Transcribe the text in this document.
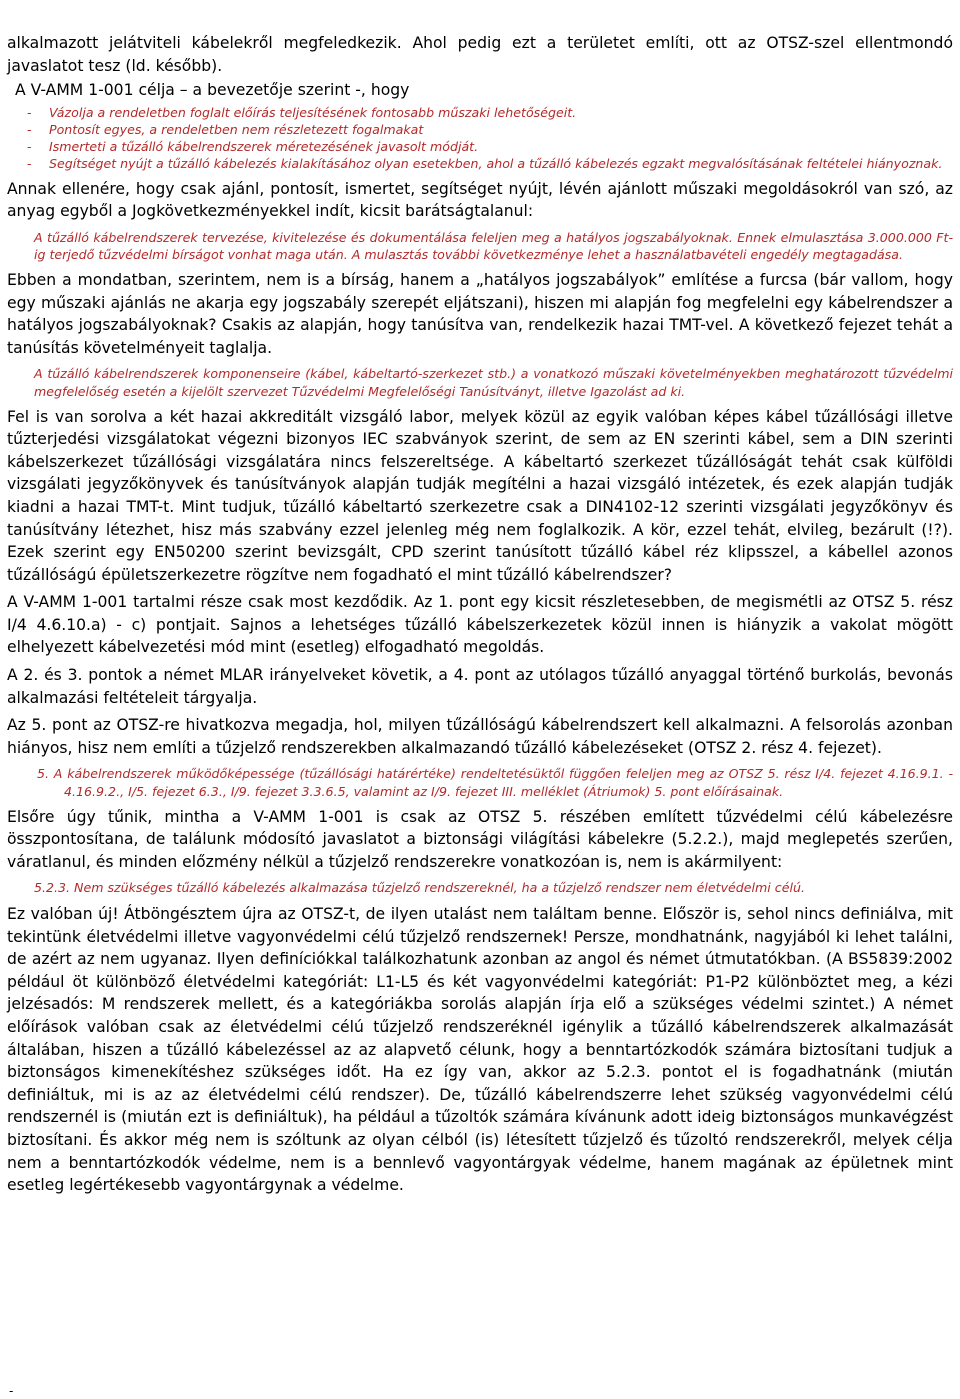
alkalmazott jelátviteli kábelekről megfeledkezik. Ahol pedig ezt a területet említi, ott az OTSZ-szel ellentmondó javaslatot tesz (ld. később).

A V-AMM 1-001 célja – a bevezetője szerint -, hogy

- Vázolja a rendeletben foglalt előírás teljesítésének fontosabb műszaki lehetőségeit.
- Pontosít egyes, a rendeletben nem részletezett fogalmakat
- Ismerteti a tűzálló kábelrendszerek méretezésének javasolt módját.
- Segítséget nyújt a tűzálló kábelezés kialakításához olyan esetekben, ahol a tűzálló kábelezés egzakt megvalósításának feltételei hiányoznak.

Annak ellenére, hogy csak ajánl, pontosít, ismertet, segítséget nyújt, lévén ajánlott műszaki megoldásokról van szó, az anyag egyből a Jogkövetkezményekkel indít, kicsit barátságtalanul:

A tűzálló kábelrendszerek tervezése, kivitelezése és dokumentálása feleljen meg a hatályos jogszabályoknak. Ennek elmulasztása 3.000.000 Ft-ig terjedő tűzvédelmi bírságot vonhat maga után. A mulasztás további következménye lehet a használatbavételi engedély megtagadása.

Ebben a mondatban, szerintem, nem is a bírság, hanem a „hatályos jogszabályok” említése a furcsa (bár vallom, hogy egy műszaki ajánlás ne akarja egy jogszabály szerepét eljátszani), hiszen mi alapján fog megfelelni egy kábelrendszer a hatályos jogszabályoknak? Csakis az alapján, hogy tanúsítva van, rendelkezik hazai TMT-vel. A következő fejezet tehát a tanúsítás követelményeit taglalja.

A tűzálló kábelrendszerek komponenseire (kábel, kábeltartó-szerkezet stb.) a vonatkozó műszaki követelményekben meghatározott tűzvédelmi megfelelőség esetén a kijelölt szervezet Tűzvédelmi Megfelelőségi Tanúsítványt, illetve Igazolást ad ki.

Fel is van sorolva a két hazai akkreditált vizsgáló labor, melyek közül az egyik valóban képes kábel tűzállósági illetve tűzterjedési vizsgálatokat végezni bizonyos IEC szabványok szerint, de sem az EN szerinti kábel, sem a DIN szerinti kábelszerkezet tűzállósági vizsgálatára nincs felszereltsége. A kábeltartó szerkezet tűzállóságát tehát csak külföldi vizsgálati jegyzőkönyvek és tanúsítványok alapján tudják megítélni a hazai vizsgáló intézetek, és ezek alapján tudják kiadni a hazai TMT-t. Mint tudjuk, tűzálló kábeltartó szerkezetre csak a DIN4102-12 szerinti vizsgálati jegyzőkönyv és tanúsítvány létezhet, hisz más szabvány ezzel jelenleg még nem foglalkozik. A kör, ezzel tehát, elvileg, bezárult (!?). Ezek szerint egy EN50200 szerint bevizsgált, CPD szerint tanúsított tűzálló kábel réz klipsszel, a kábellel azonos tűzállóságú épületszerkezetre rögzítve nem fogadható el mint tűzálló kábelrendszer?

A V-AMM 1-001 tartalmi része csak most kezdődik. Az 1. pont egy kicsit részletesebben, de megismétli az OTSZ 5. rész I/4 4.6.10.a) - c) pontjait. Sajnos a lehetséges tűzálló kábelszerkezetek közül innen is hiányzik a vakolat mögött elhelyezett kábelvezetési mód mint (esetleg) elfogadható megoldás.

A 2. és 3. pontok a német MLAR irányelveket követik, a 4. pont az utólagos tűzálló anyaggal történő burkolás, bevonás alkalmazási feltételeit tárgyalja.

Az 5. pont az OTSZ-re hivatkozva megadja, hol, milyen tűzállóságú kábelrendszert kell alkalmazni. A felsorolás azonban hiányos, hisz nem említi a tűzjelző rendszerekben alkalmazandó tűzálló kábelezéseket (OTSZ 2. rész 4. fejezet).

5. A kábelrendszerek működőképessége (tűzállósági határértéke) rendeltetésüktől függően feleljen meg az OTSZ 5. rész I/4. fejezet 4.16.9.1. - 4.16.9.2., I/5. fejezet 6.3., I/9. fejezet 3.3.6.5, valamint az I/9. fejezet III. melléklet (Átriumok) 5. pont előírásainak.

Elsőre úgy tűnik, mintha a V-AMM 1-001 is csak az OTSZ 5. részében említett tűzvédelmi célú kábelezésre összpontosítana, de találunk módosító javaslatot a biztonsági világítási kábelekre (5.2.2.), majd meglepetés szerűen, váratlanul, és minden előzmény nélkül a tűzjelző rendszerekre vonatkozóan is, nem is akármilyent:

5.2.3. Nem szükséges tűzálló kábelezés alkalmazása tűzjelző rendszereknél, ha a tűzjelző rendszer nem életvédelmi célú.

Ez valóban új! Átböngésztem újra az OTSZ-t, de ilyen utalást nem találtam benne. Először is, sehol nincs definiálva, mit tekintünk életvédelmi illetve vagyonvédelmi célú tűzjelző rendszernek! Persze, mondhatnánk, nagyjából ki lehet találni, de azért az nem ugyanaz. Ilyen definíciókkal találkozhatunk azonban az angol és német útmutatókban. (A BS5839:2002 például öt különböző életvédelmi kategóriát: L1-L5 és két vagyonvédelmi kategóriát: P1-P2 különböztet meg, a kézi jelzésadós: M rendszerek mellett, és a kategóriákba sorolás alapján írja elő a szükséges védelmi szintet.) A német előírások valóban csak az életvédelmi célú tűzjelző rendszeréknél igénylik a tűzálló kábelrendszerek alkalmazását általában, hiszen a tűzálló kábelezéssel az az alapvető célunk, hogy a benntartózkodók számára biztosítani tudjuk a biztonságos kimenekítéshez szükséges időt. Ha ez így van, akkor az 5.2.3. pontot el is fogadhatnánk (miután definiáltuk, mi is az az életvédelmi célú rendszer). De, tűzálló kábelrendszerre lehet szükség vagyonvédelmi célú rendszernél is (miután ezt is definiáltuk), ha például a tűzoltók számára kívánunk adott ideig biztonságos munkavégzést biztosítani. És akkor még nem is szóltunk az olyan célból (is) létesített tűzjelző és tűzoltó rendszerekről, melyek célja nem a benntartózkodók védelme, nem is a bennlevő vagyontárgyak védelme, hanem magának az épületnek mint esetleg legértékesebb vagyontárgynak a védelme.

-
